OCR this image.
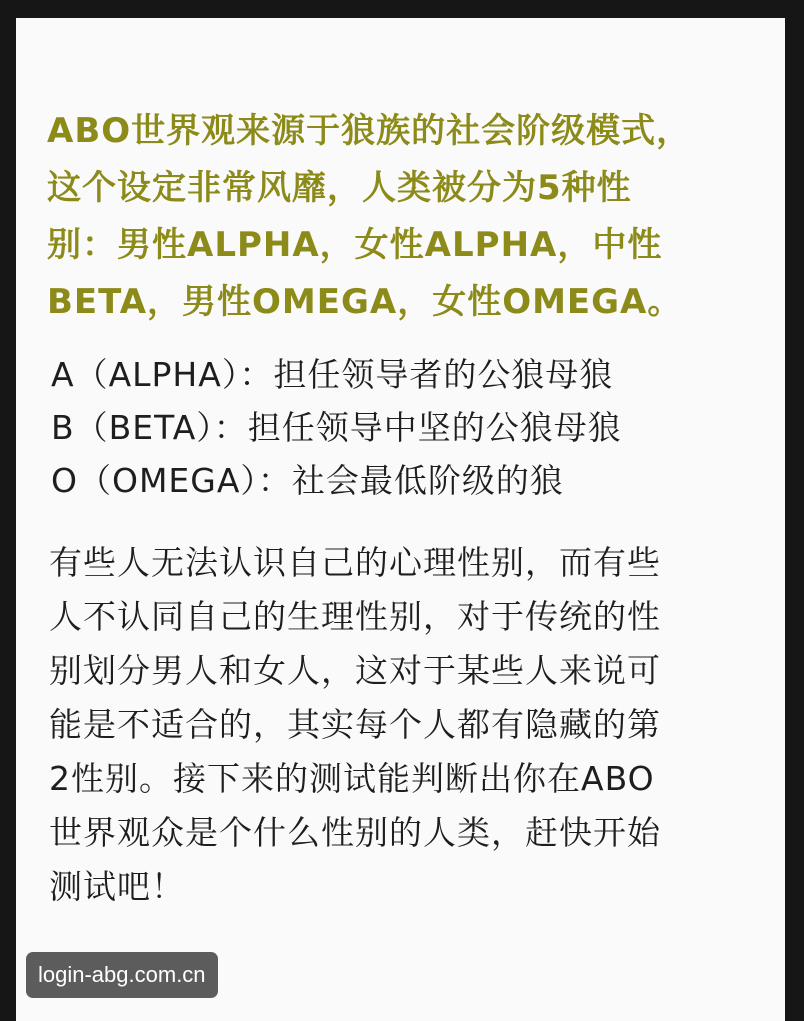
ABO世界观来源于狼族的社会阶级模式，
这个设定非常风靡，人类被分为5种性
别：男性ALPHA，女性ALPHA，中性
BETA，男性OMEGA，女性OMEGA。
A（ALPHA）：担任领导者的公狼母狼
B（BETA）：担任领导中坚的公狼母狼
O（OMEGA）：社会最低阶级的狼
有些人无法认识自己的心理性别，而有些
人不认同自己的生理性别，对于传统的性
别划分男人和女人，这对于某些人来说可
能是不适合的，其实每个人都有隐藏的第
2性别。接下来的测试能判断出你在ABO
世界观众是个什么性别的人类，赶快开始
测试吧！
login-abg.com.cn
